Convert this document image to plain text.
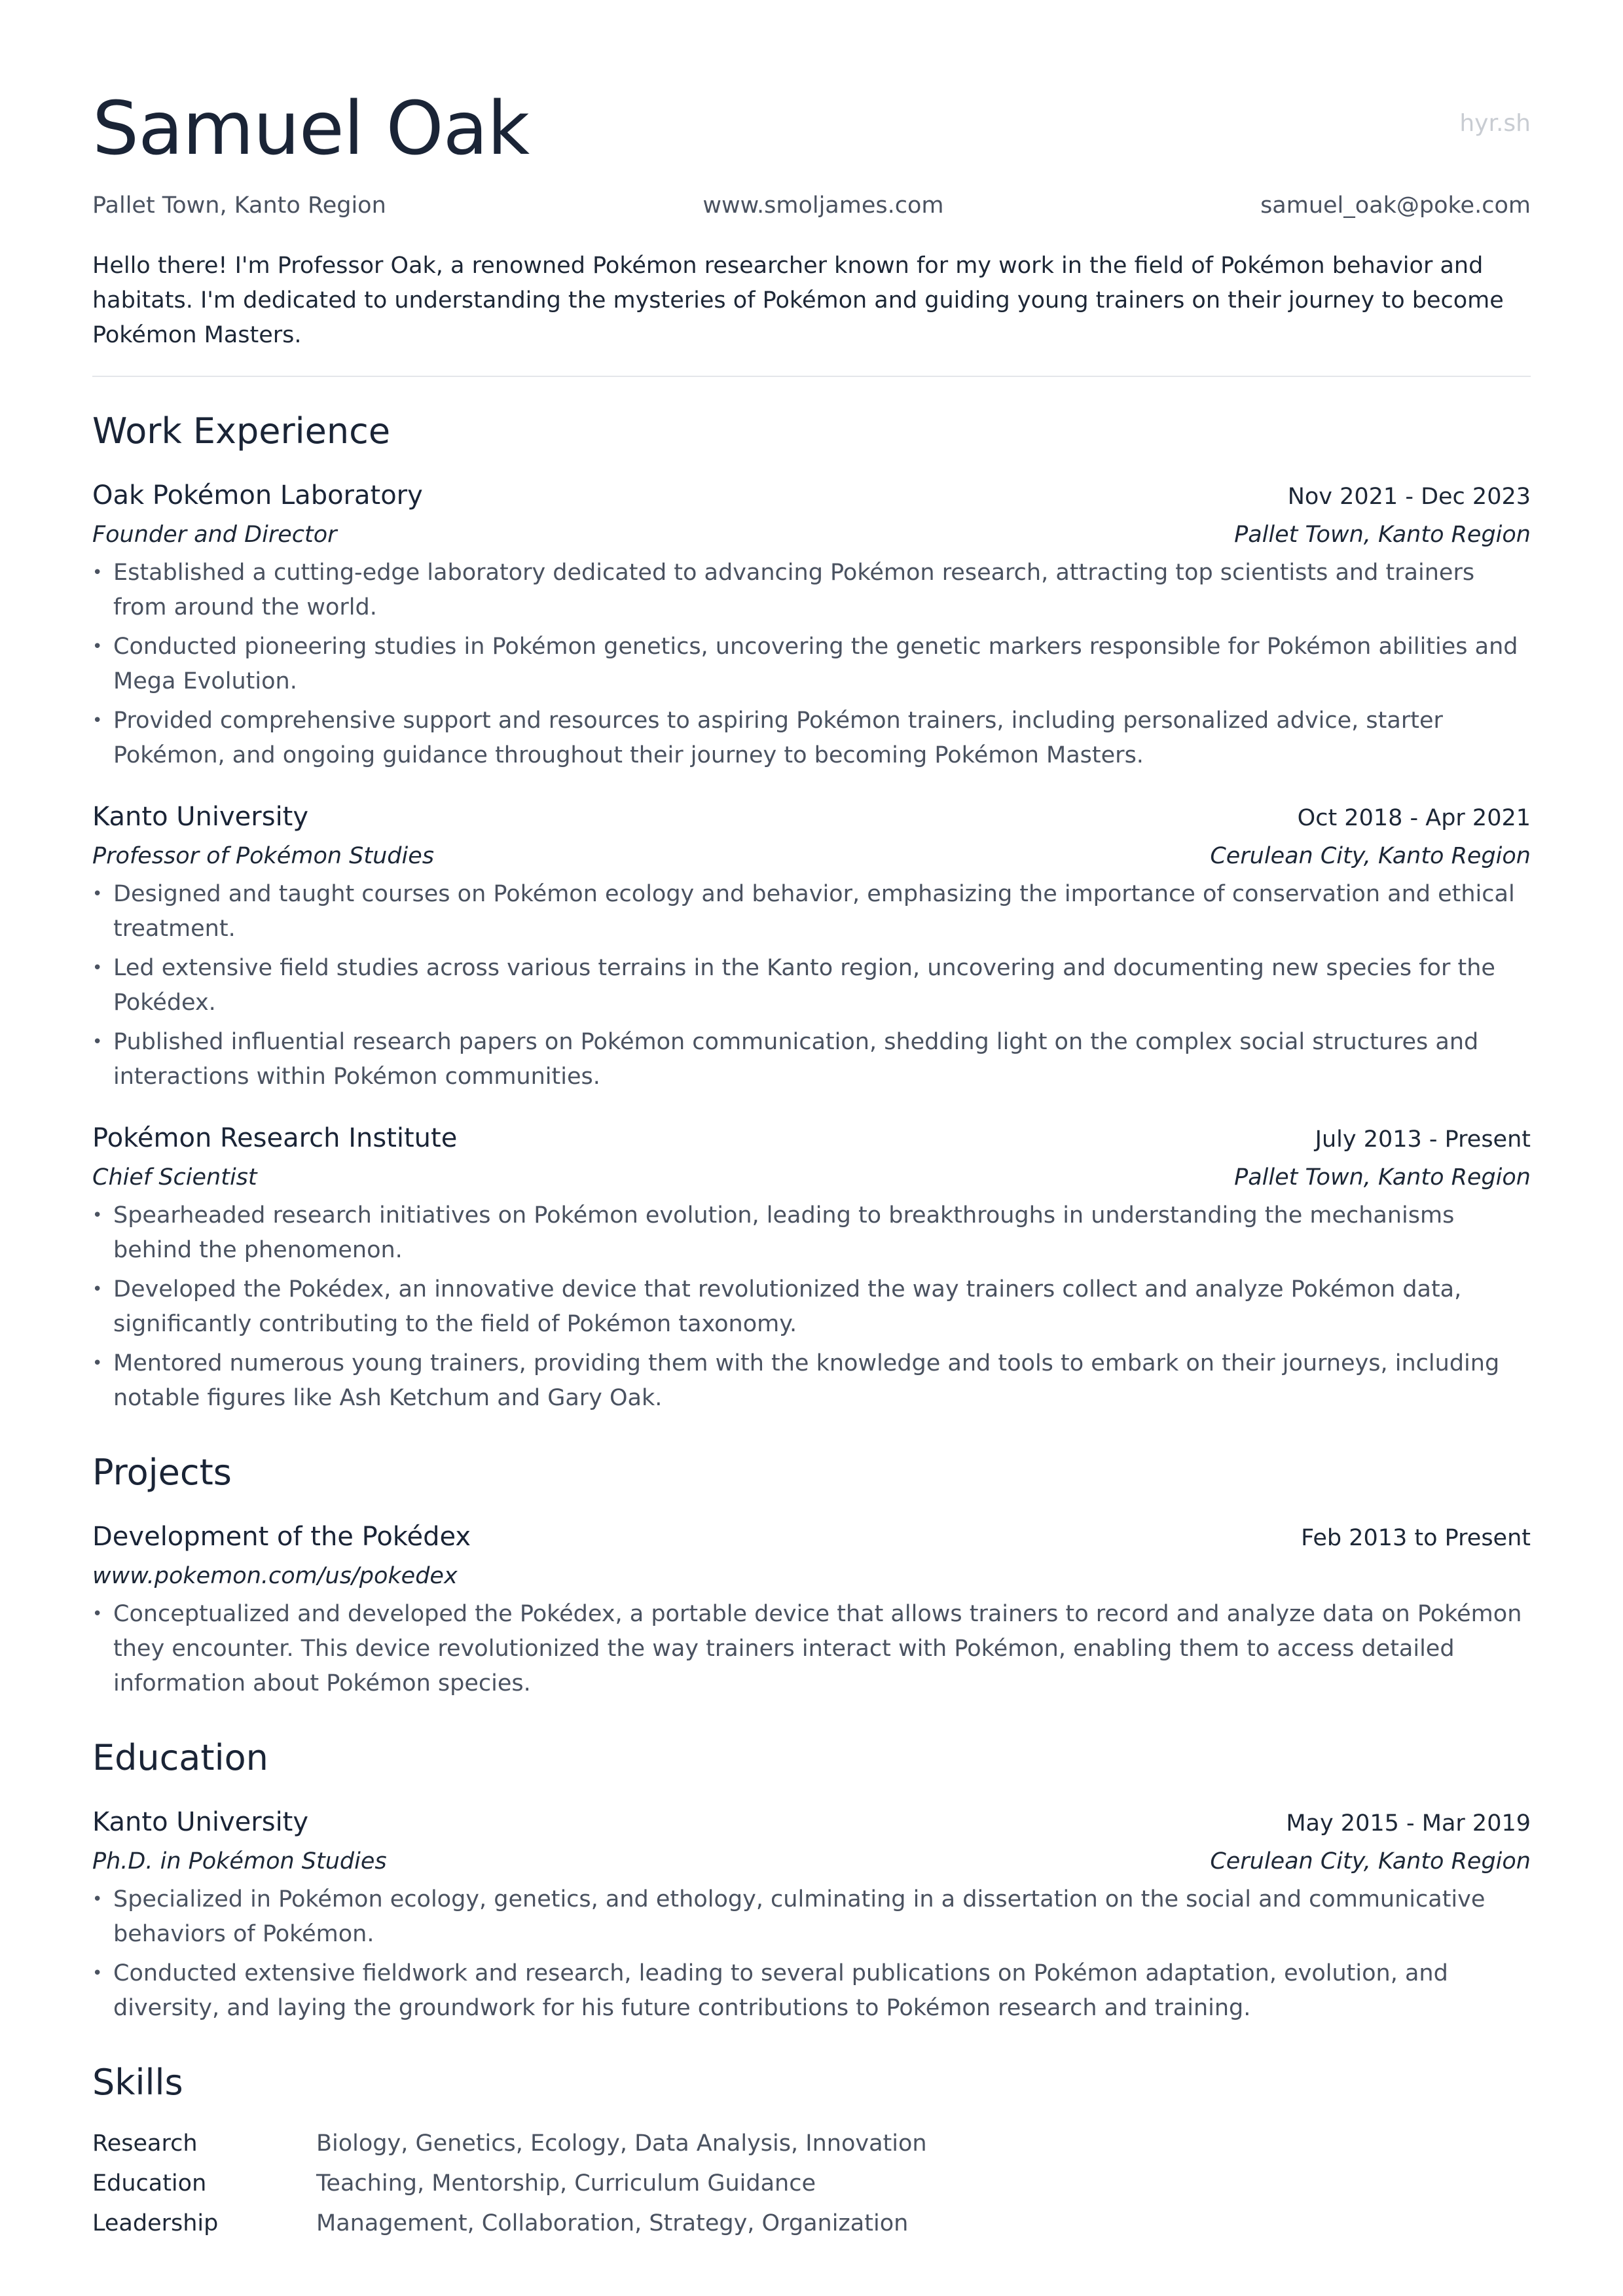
hyr.sh
Samuel Oak
Pallet Town, Kanto Region	www.smoljames.com	samuel_oak@poke.com
Hello there! I'm Professor Oak, a renowned Pokémon researcher known for my work in the field of Pokémon behavior and habitats. I'm dedicated to understanding the mysteries of Pokémon and guiding young trainers on their journey to become Pokémon Masters.
Work Experience
Oak Pokémon Laboratory	Nov 2021 - Dec 2023
Founder and Director	Pallet Town, Kanto Region
• Established a cutting-edge laboratory dedicated to advancing Pokémon research, attracting top scientists and trainers from around the world.
• Conducted pioneering studies in Pokémon genetics, uncovering the genetic markers responsible for Pokémon abilities and Mega Evolution.
• Provided comprehensive support and resources to aspiring Pokémon trainers, including personalized advice, starter Pokémon, and ongoing guidance throughout their journey to becoming Pokémon Masters.
Kanto University	Oct 2018 - Apr 2021
Professor of Pokémon Studies	Cerulean City, Kanto Region
• Designed and taught courses on Pokémon ecology and behavior, emphasizing the importance of conservation and ethical treatment.
• Led extensive field studies across various terrains in the Kanto region, uncovering and documenting new species for the Pokédex.
• Published influential research papers on Pokémon communication, shedding light on the complex social structures and interactions within Pokémon communities.
Pokémon Research Institute	July 2013 - Present
Chief Scientist	Pallet Town, Kanto Region
• Spearheaded research initiatives on Pokémon evolution, leading to breakthroughs in understanding the mechanisms behind the phenomenon.
• Developed the Pokédex, an innovative device that revolutionized the way trainers collect and analyze Pokémon data, significantly contributing to the field of Pokémon taxonomy.
• Mentored numerous young trainers, providing them with the knowledge and tools to embark on their journeys, including notable figures like Ash Ketchum and Gary Oak.
Projects
Development of the Pokédex	Feb 2013 to Present
www.pokemon.com/us/pokedex
• Conceptualized and developed the Pokédex, a portable device that allows trainers to record and analyze data on Pokémon they encounter. This device revolutionized the way trainers interact with Pokémon, enabling them to access detailed information about Pokémon species.
Education
Kanto University	May 2015 - Mar 2019
Ph.D. in Pokémon Studies	Cerulean City, Kanto Region
• Specialized in Pokémon ecology, genetics, and ethology, culminating in a dissertation on the social and communicative behaviors of Pokémon.
• Conducted extensive fieldwork and research, leading to several publications on Pokémon adaptation, evolution, and diversity, and laying the groundwork for his future contributions to Pokémon research and training.
Skills
Research	Biology, Genetics, Ecology, Data Analysis, Innovation
Education	Teaching, Mentorship, Curriculum Guidance
Leadership	Management, Collaboration, Strategy, Organization
